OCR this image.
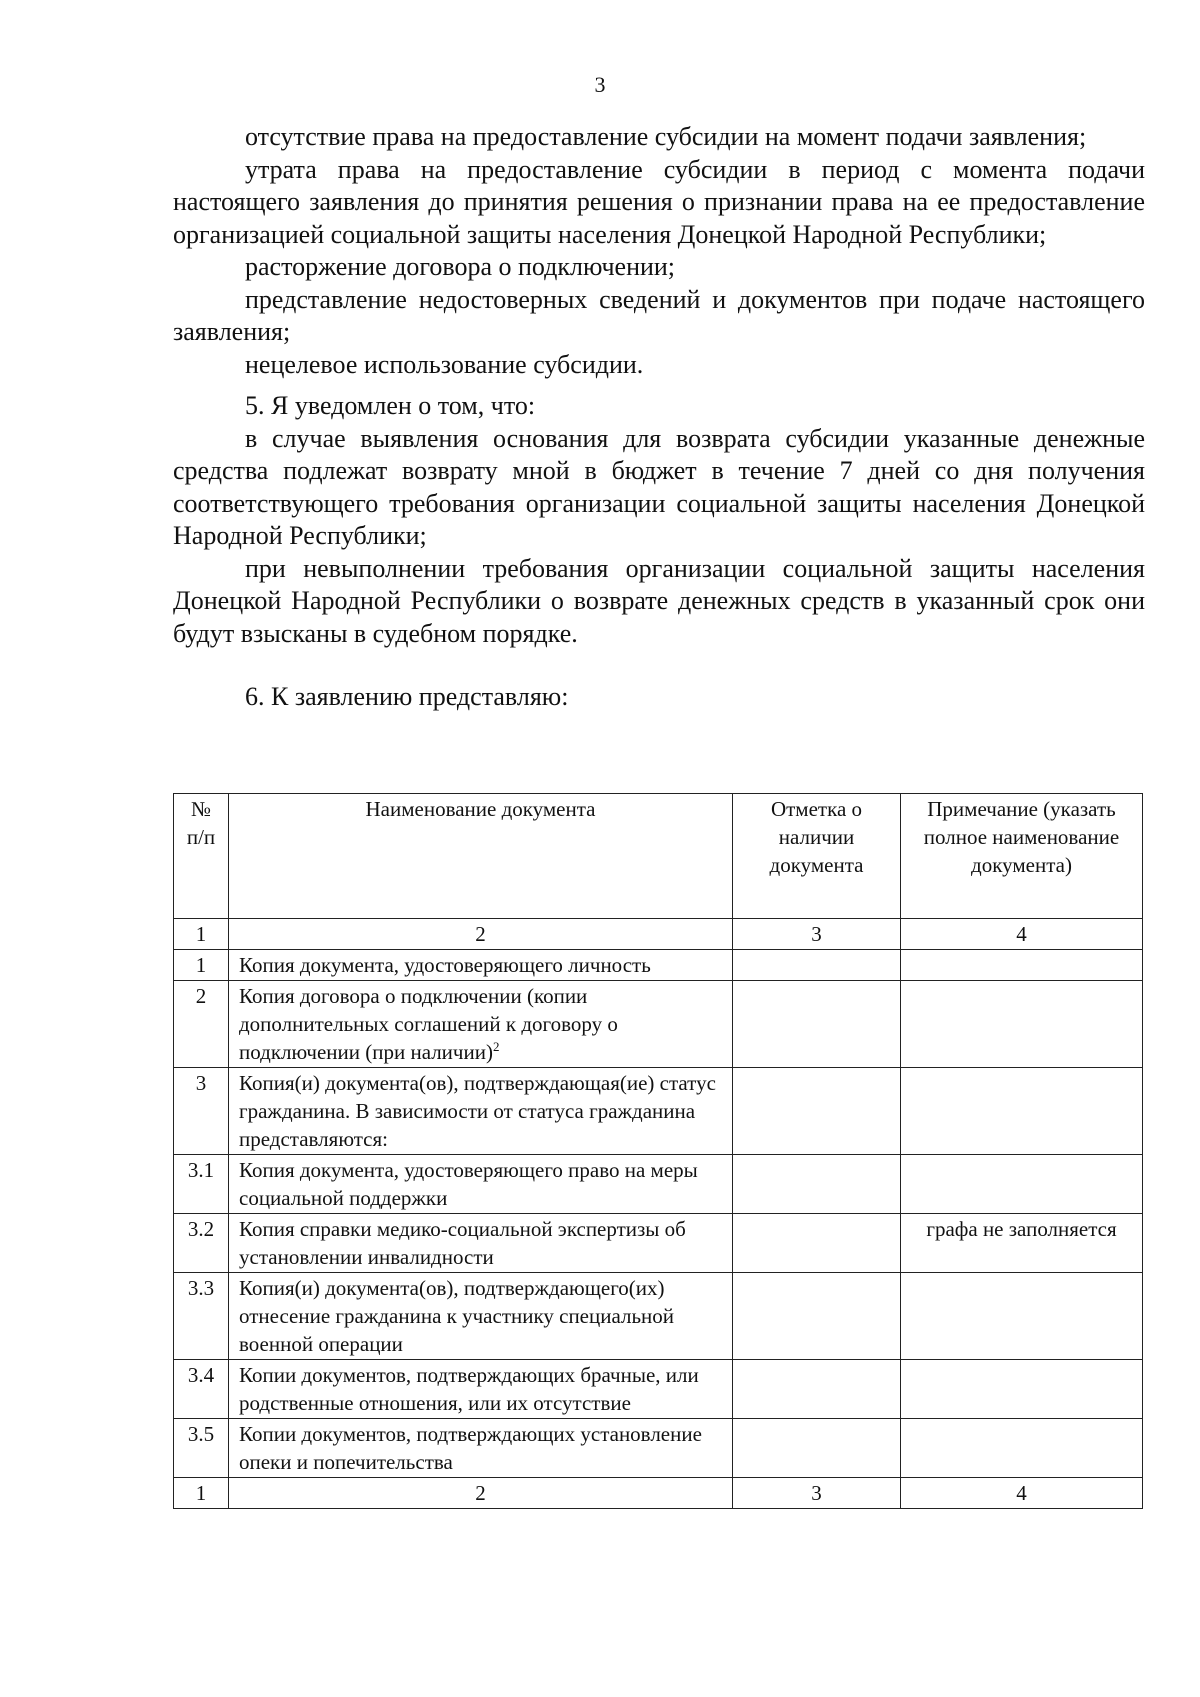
3

отсутствие права на предоставление субсидии на момент подачи заявления;

утрата права на предоставление субсидии в период с момента подачи настоящего заявления до принятия решения о признании права на ее предоставление организацией социальной защиты населения Донецкой Народной Республики;

расторжение договора о подключении;

представление недостоверных сведений и документов при подаче настоящего заявления;

нецелевое использование субсидии.

5. Я уведомлен о том, что:

в случае выявления основания для возврата субсидии указанные денежные средства подлежат возврату мной в бюджет в течение 7 дней со дня получения соответствующего требования организации социальной защиты населения Донецкой Народной Республики;

при невыполнении требования организации социальной защиты населения Донецкой Народной Республики о возврате денежных средств в указанный срок они будут взысканы в судебном порядке.

6. К заявлению представляю:

№ п/п	Наименование документа	Отметка о наличии документа	Примечание (указать полное наименование документа)
1	2	3	4
1	Копия документа, удостоверяющего личность		
2	Копия договора о подключении (копии дополнительных соглашений к договору о подключении (при наличии)$^2$		
3	Копия(и) документа(ов), подтверждающая(ие) статус гражданина. В зависимости от статуса гражданина представляются:		
3.1	Копия документа, удостоверяющего право на меры социальной поддержки		
3.2	Копия справки медико-социальной экспертизы об установлении инвалидности		графа не заполняется
3.3	Копия(и) документа(ов), подтверждающего(их) отнесение гражданина к участнику специальной военной операции		
3.4	Копии документов, подтверждающих брачные, или родственные отношения, или их отсутствие		
3.5	Копии документов, подтверждающих установление опеки и попечительства		
1	2	3	4
